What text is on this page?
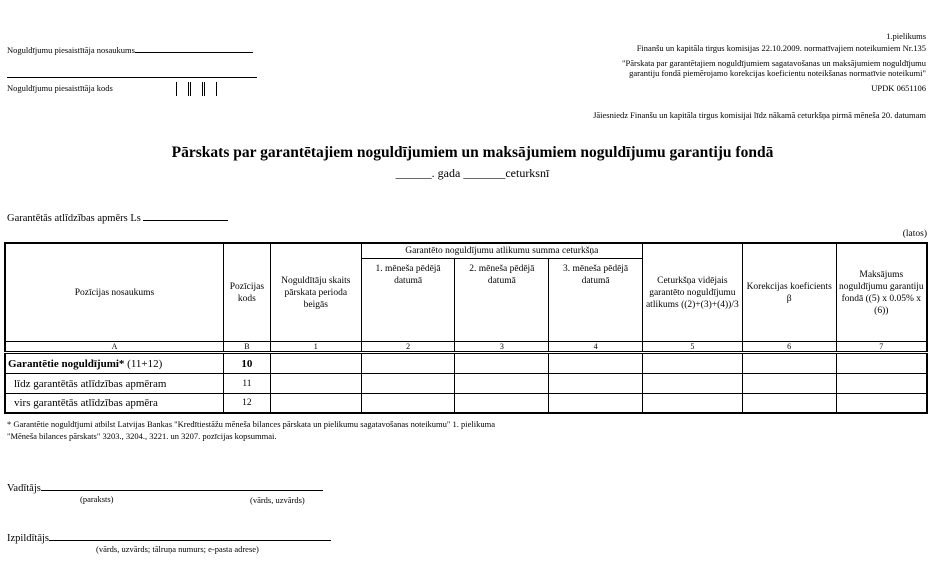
Noguldījumu piesaistītāja nosaukums
Noguldījumu piesaistītāja kods
1.pielikums
Finanšu un kapitāla tirgus komisijas 22.10.2009. normatīvajiem noteikumiem Nr.135
"Pārskata par garantētajiem noguldījumiem sagatavošanas un maksājumiem noguldījumu
garantiju fondā piemērojamo korekcijas koeficientu noteikšanas normatīvie noteikumi"
UPDK 0651106
Jāiesniedz Finanšu un kapitāla tirgus komisijai līdz nākamā ceturkšņa pirmā mēneša 20. datumam
Pārskats par garantētajiem noguldījumiem un maksājumiem noguldījumu garantiju fondā
______. gada _______ceturksnī
Garantētās atlīdzības apmērs Ls
(latos)
Pozīcijas nosaukums	Pozīcijas kods	Noguldītāju skaits pārskata perioda beigās	Garantēto noguldījumu atlikumu summa ceturkšņa			Ceturkšņa vidējais garantēto noguldījumu atlikums ((2)+(3)+(4))/3	Korekcijas koeficients β	Maksājums noguldījumu garantiju fondā ((5) x 0.05% x (6))
			1. mēneša pēdējā datumā	2. mēneša pēdējā datumā	3. mēneša pēdējā datumā			
A	B	1	2	3	4	5	6	7
Garantētie noguldījumi* (11+12)	10							
līdz garantētās atlīdzības apmēram	11							
virs garantētās atlīdzības apmēra	12							
* Garantētie noguldījumi atbilst Latvijas Bankas "Kredītiestāžu mēneša bilances pārskata un pielikumu sagatavošanas noteikumu" 1. pielikuma
"Mēneša bilances pārskats" 3203., 3204., 3221. un 3207. pozīcijas kopsummai.
Vadītājs
(paraksts)	(vārds, uzvārds)
Izpildītājs
(vārds, uzvārds; tālruņa numurs; e-pasta adrese)
